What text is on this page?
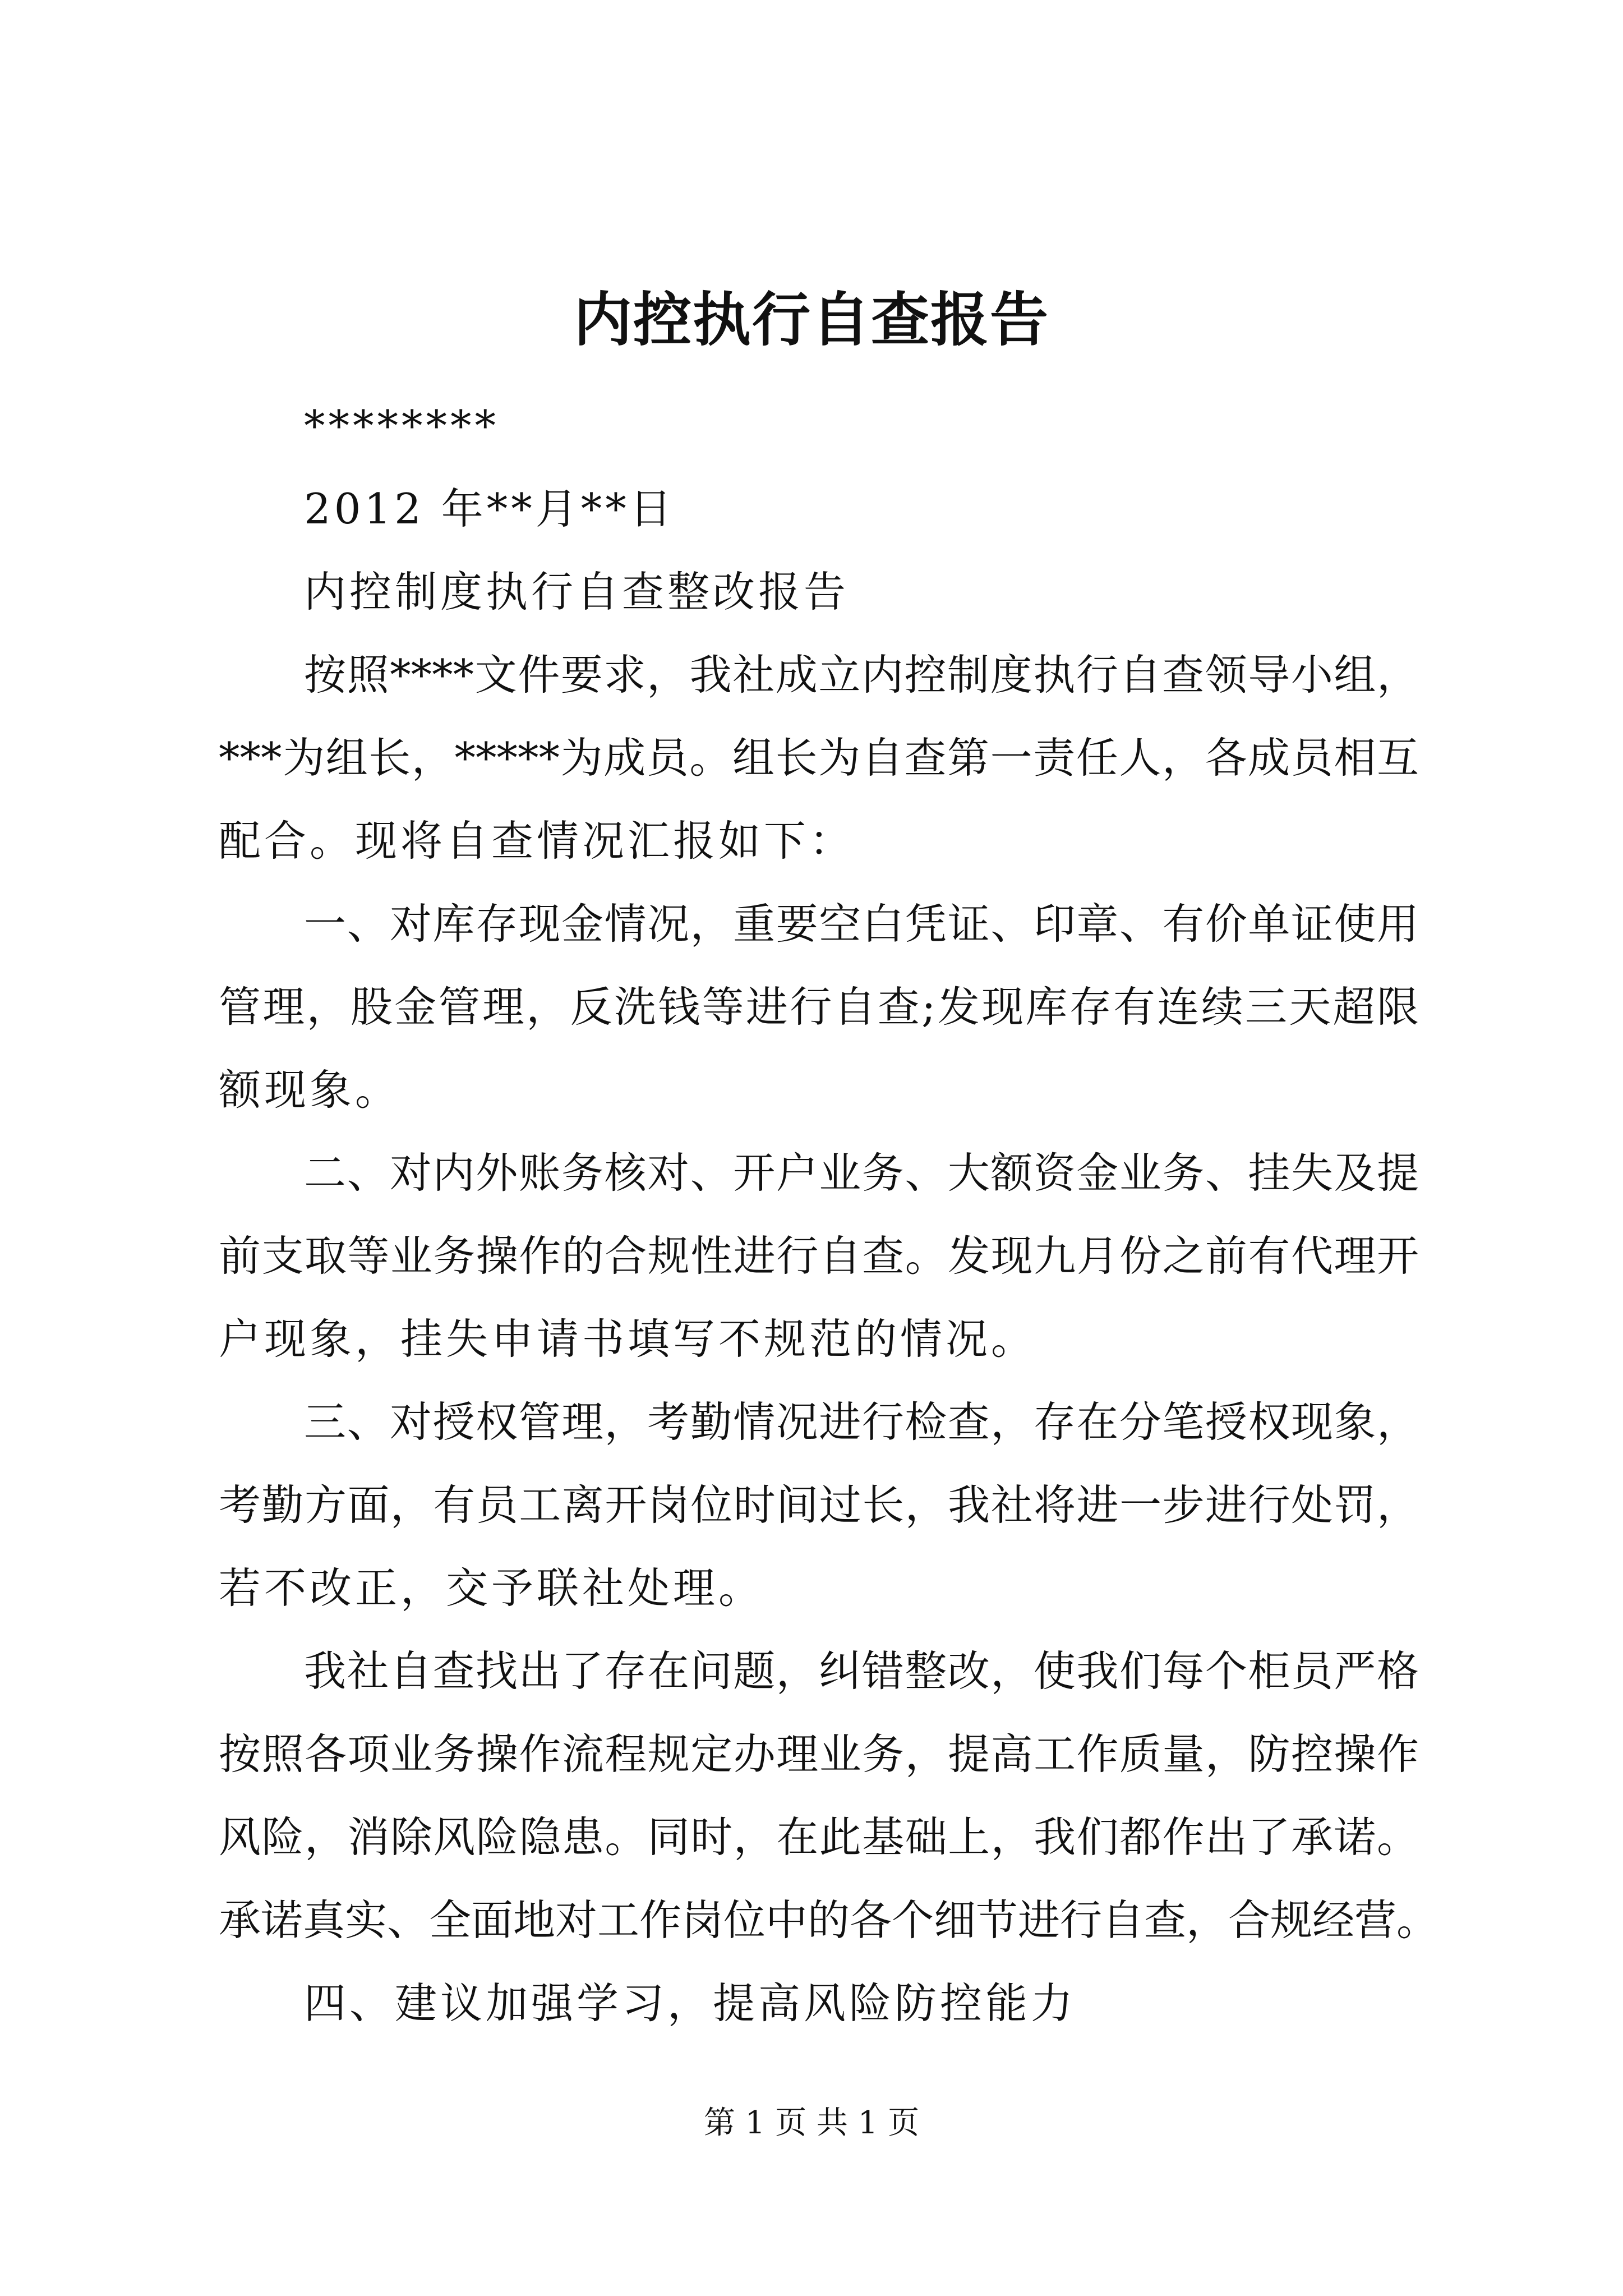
内控执行自查报告
********
2012 年**月**日
内控制度执行自查整改报告
按照****文件要求，我社成立内控制度执行自查领导小组，
***为组长，*****为成员。组长为自查第一责任人，各成员相互
配合。现将自查情况汇报如下：
一、对库存现金情况，重要空白凭证、印章、有价单证使用
管理，股金管理，反洗钱等进行自查;发现库存有连续三天超限
额现象。
二、对内外账务核对、开户业务、大额资金业务、挂失及提
前支取等业务操作的合规性进行自查。发现九月份之前有代理开
户现象，挂失申请书填写不规范的情况。
三、对授权管理，考勤情况进行检查，存在分笔授权现象，
考勤方面，有员工离开岗位时间过长，我社将进一步进行处罚，
若不改正，交予联社处理。
我社自查找出了存在问题，纠错整改，使我们每个柜员严格
按照各项业务操作流程规定办理业务，提高工作质量，防控操作
风险，消除风险隐患。同时，在此基础上，我们都作出了承诺。
承诺真实、全面地对工作岗位中的各个细节进行自查，合规经营。
四、建议加强学习，提高风险防控能力
第 1 页 共 1 页
